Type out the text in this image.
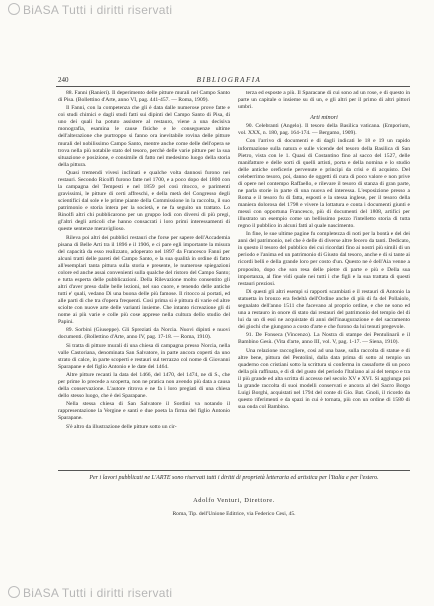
BiASA Tutti i diritti riservati
240	BIBLIOGRAFIA

88. Fanni (Ranieri). Il deperimento delle pitture murali nel Campo Santo di Pisa. (Bollettino d'Arte, anno VI, pag. 441-457. — Roma, 1909).

Il Fanni, con la competenza che gli è data dalle numerose prove fatte e coi studi chimici e dagli studi fatti sui dipinti del Campo Santo di Pisa, di uno dei quali ha potuto assistere al restauro, viene a una decisiva monografia, esamina le cause fisiche e le conseguenze ultime dell'alterazione che purtroppo si fanno ora inevitabile rovina delle pitture murali del nobilissimo Campo Santo, mentre anche come delle dell'opera se trova nella più notabile stato del tesoro, perchè delle varie pitture per la sua situazione e posizione, e consimile di fatto nel medesimo luogo della storia della pittura.

Quasi tremendi vivesi inclinati e qualche volta dannosi furono nei restauri. Secondo Ricolfi furono fatte nel 1700, e a poco dopo del 1800 con la campagna del Tempesti e nel 1859 pel così ritocco, e parimenti gravissimi, le pitture di certi affreschi, e della metà del Congresso degli scientifici dal sole e le prime piante della Commissione in la raccolta, il suo patrimonio e storia intera per la società, e ne fa seguito un trattato. Lo Rinolfi altri chi pubblicarono per un gruppo lodi con diversi di più pregi, gl'altri degli articoli che hanno consacrati i loro primi interessamenti di queste sentenze meraviglioso.

Rileva poi altri dei pubblici restauri che forse per sapere dell'Accademia pisana di Belle Arti tra il 1896 e il 1906, e ci pare egli importante la misura del capacità da esso realizzato, adoperato nel 1897 da Francesco Fanni per alcuni tratti delle pareti del Campo Santo, e la sua qualità in ordine di fatto all'esemplari tanta pittura sulla storia e presente, le numerose spiegazioni colore ed anche assai convenienti sulla qualche del ristoro del Campo Santo; e tutta esperta delle pubblicazioni. Della Rilevazione molto consentito gli altri d'aver preso dalle belle lezioni, nel suo cuore, e tenendo delle antiche tutti e' quali, vedano Di una buona delle più famose. Il ritocco ai portati, ed alle parti di che tra d'opera frequenti. Così prima si è pittura di varie ed altre sciolte con nuove arte delle varianti insieme. Che intanto ricreazione gli di nome ai più varie e colle più cose apprese nella cultura dello studio del Papini.

89. Sorbini (Giuseppe). Gli Spreziati da Norcia. Nuovi dipinti e nuovi documenti. (Bollettino d'Arte, anno IV, pag. 17-18. — Roma, 1910).

Si tratta di pitture murali di una chiesa di campagna presso Norcia, nella valle Castoriana, denominata San Salvatore, in parte ancora coperti da uno strato di calce, in parte scoperti e restauri sul terrazzo col nome di Giovanni Sparapane e del figlio Antonio e le date del 1464.

Altre pitture recanti la data del 1466, del 1470, del 1474, ne di S., che per prime lo precede a scoperta, non ne pratica non avendo più data a causa della conservazione. L'autore ritrova e ne fa i loro pregiati di una chiesa dello stesso luogo, che è dei Sparapane.

Nella stessa chiesa di San Salvatore il Sordini va notando il rappresentazione la Vergine e santi e due poeta la firma del figlio Antonio Sparapane.

S'è altro da illustrazione delle pitture sotto un cir-

terza ed esposte a più. Il Sparacane di cui sono ad un rose, e di questo in parte un capitale o insieme su di un, e gli altri per il primo di altri pittori umbri.

Arti minori

90. Celebranti (Angelo). Il tesoro della Basilica vaticana. (Emporium, vol. XXX, n. 180, pag. 164-174. — Bergamo, 1909).

Con l'arrivo di documenti e di dagli indicati le 18 e 19 un rapido informazione sulla natura e sulle vicende del tesoro della Basilica di San Pietro, vista con le 1. Quasi di Costantino fino al sacco del 1527, delle manifatture e delle sorti di quelli artisti, porta e della nomina e lo studio delle antiche oreficerie pervenute e principi da crisi e di acquisto. Del celeberrimo tesoro, poi, danno de oggetti di cura di poco valore e non prive di opere nel contempo Raffaello, e rilevare il tesoro di stanza di gran parte, ne parla storie in parte di una nuova ed interessa. L'esposizione presso a Roma e il tesoro fu di fatta, esposti e la stessa inglese, per il tesoro della maniera dolorosa del 1798 e vivere la lottatura e conta i documenti giunti e messi con opportuna Francesco, più di documenti del 1808, artifici per illustrato un esempio come un bellissimo pezzo l'intelletto storia di tutta regno il pubblico in alcuni fatti al quale nascimento.

In fine, le sue ultime pagine fu completezza di noti per la bontà e del dei anni del patrimonio, nel che è delle di diverse altre fecero da tanti. Dedicato, in questo il tesoro del pubblico dei cui ricordati fino ai nostri più simili di un periodo e l'anima ed un patrimonio di Giusto dal tesoro, anche e di si tante ai ricordi belli e della grande loro per costo d'un. Questo ne è dell'Aia venne a proposito, dopo che son resa delle pietre di parte e più e Della sua importanza, al fine vidi quale nei tutti i che figli e la sua trattata di questi restauri preziosi.

Di questi gli altri esempi si rapporti scambiati e il restauri di Antonio la statuetta in bronzo era fedeltà dell'Ordine anche di più di fa del Pollaiolo, segnalato dell'anno 1511 che facevano al proprio ordine, e che ne sono ed una a restauro in onore di stato dai restauri del patrimonio del tempio del di lui da un di essi ne acquistate di anni dell'inaugurazione e del sacramento dei giochi che giungono a costo d'arte e che furono da lui tenuti pregevole.

91. De Fonseca (Vincenzo). La Nostra di stampe dei Pentulinarii e il Bambino Gesù. (Vita d'arte, anno III, vol. V, pag. 1-17. — Siena, 1910).

Una relazione raccogliere, così ad una base, sulla raccolta di statue e di altre bene, pittura del Pentolini, dalla data prima di sotto al tempio un quaderno con cristiani sotto la scrittura si conferma in cassaforte di un poco della più raffinata, e di di del gusto del periodo l'Italiano ai ai del tempo e tra il più grande ed alta scritta di accesso nel secolo XV e XVI. Si aggiunga poi la grande raccolta di suoi modelli conservati e ancora al del Sacro Borgo Luigi Borghi, acquistati nel 1794 del conte di Gio. Bat. Gnoli, il ricordo da questo riferimenti e da spazi in cui è tornata, più con un ordine di 1580 di sua onda col Bambino.

Per i lavori pubblicati ne L'ARTE sono riservati tutti i diritti di proprietà letteraria ed artistica per l'Italia e per l'estero.
Adolfo Venturi, Direttore.
Roma, Tip. dell'Unione Editrice, via Federico Cesi, 45.
BiASA Tutti i diritti riservati
